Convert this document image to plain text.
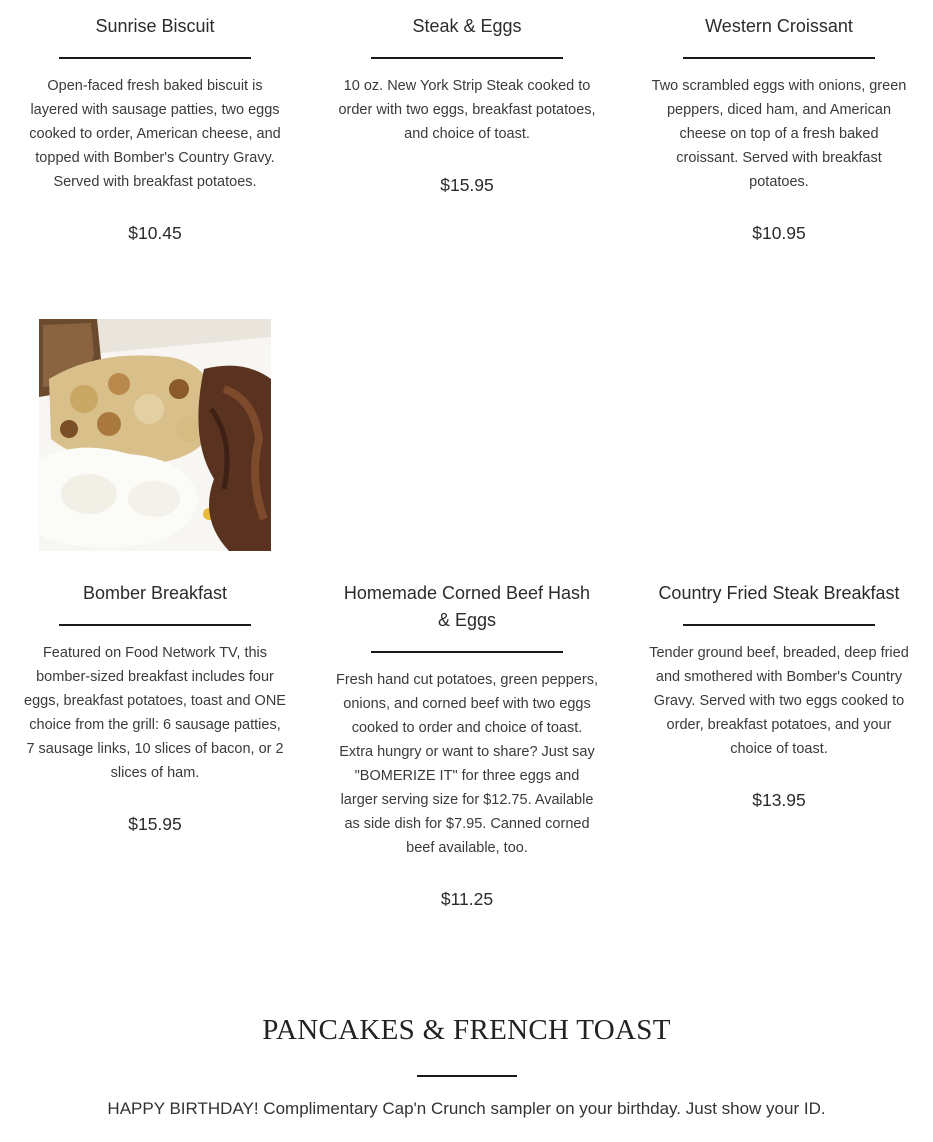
Sunrise Biscuit

Open-faced fresh baked biscuit is layered with sausage patties, two eggs cooked to order, American cheese, and topped with Bomber's Country Gravy. Served with breakfast potatoes.

$10.45

Steak & Eggs

10 oz. New York Strip Steak cooked to order with two eggs, breakfast potatoes, and choice of toast.

$15.95

Western Croissant

Two scrambled eggs with onions, green peppers, diced ham, and American cheese on top of a fresh baked croissant. Served with breakfast potatoes.

$10.95

Bomber Breakfast

Featured on Food Network TV, this bomber-sized breakfast includes four eggs, breakfast potatoes, toast and ONE choice from the grill: 6 sausage patties, 7 sausage links, 10 slices of bacon, or 2 slices of ham.

$15.95

Homemade Corned Beef Hash & Eggs

Fresh hand cut potatoes, green peppers, onions, and corned beef with two eggs cooked to order and choice of toast. Extra hungry or want to share? Just say "BOMERIZE IT" for three eggs and larger serving size for $12.75. Available as side dish for $7.95. Canned corned beef available, too.

$11.25

Country Fried Steak Breakfast

Tender ground beef, breaded, deep fried and smothered with Bomber's Country Gravy. Served with two eggs cooked to order, breakfast potatoes, and your choice of toast.

$13.95
PANCAKES & FRENCH TOAST
HAPPY BIRTHDAY! Complimentary Cap'n Crunch sampler on your birthday. Just show your ID.
